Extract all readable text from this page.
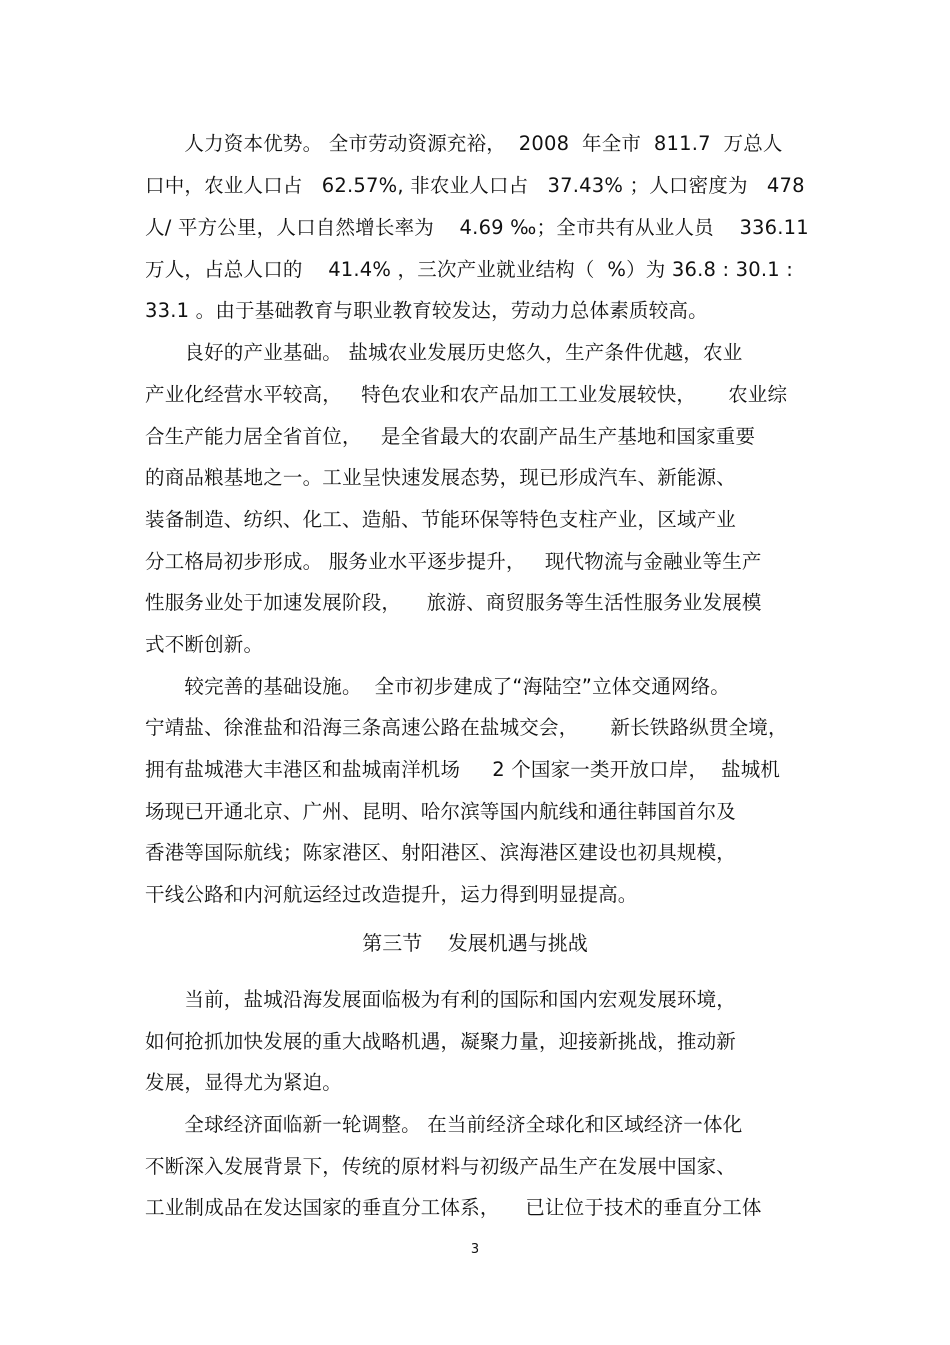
　　人力资本优势。 全市劳动资源充裕，  2008  年全市  811.7  万总人
口中，农业人口占   62.57%, 非农业人口占   37.43% ；人口密度为   478
人/ 平方公里，人口自然增长率为    4.69 ‰；全市共有从业人员    336.11
万人，占总人口的    41.4% ，三次产业就业结构（  %）为 36.8 : 30.1 :
33.1 。由于基础教育与职业教育较发达，劳动力总体素质较高。
　　良好的产业基础。 盐城农业发展历史悠久，生产条件优越，农业
产业化经营水平较高，   特色农业和农产品加工工业发展较快，     农业综
合生产能力居全省首位，   是全省最大的农副产品生产基地和国家重要
的商品粮基地之一。工业呈快速发展态势，现已形成汽车、新能源、
装备制造、纺织、化工、造船、节能环保等特色支柱产业，区域产业
分工格局初步形成。 服务业水平逐步提升，   现代物流与金融业等生产
性服务业处于加速发展阶段，    旅游、商贸服务等生活性服务业发展模
式不断创新。
　　较完善的基础设施。  全市初步建成了“海陆空”立体交通网络。
宁靖盐、徐淮盐和沿海三条高速公路在盐城交会，     新长铁路纵贯全境，
拥有盐城港大丰港区和盐城南洋机场     2 个国家一类开放口岸，  盐城机
场现已开通北京、广州、昆明、哈尔滨等国内航线和通往韩国首尔及
香港等国际航线；陈家港区、射阳港区、滨海港区建设也初具规模，
干线公路和内河航运经过改造提升，运力得到明显提高。
第三节    发展机遇与挑战
　　当前，盐城沿海发展面临极为有利的国际和国内宏观发展环境，
如何抢抓加快发展的重大战略机遇，凝聚力量，迎接新挑战，推动新
发展，显得尤为紧迫。
　　全球经济面临新一轮调整。 在当前经济全球化和区域经济一体化
不断深入发展背景下，传统的原材料与初级产品生产在发展中国家、
工业制成品在发达国家的垂直分工体系，    已让位于技术的垂直分工体
3
